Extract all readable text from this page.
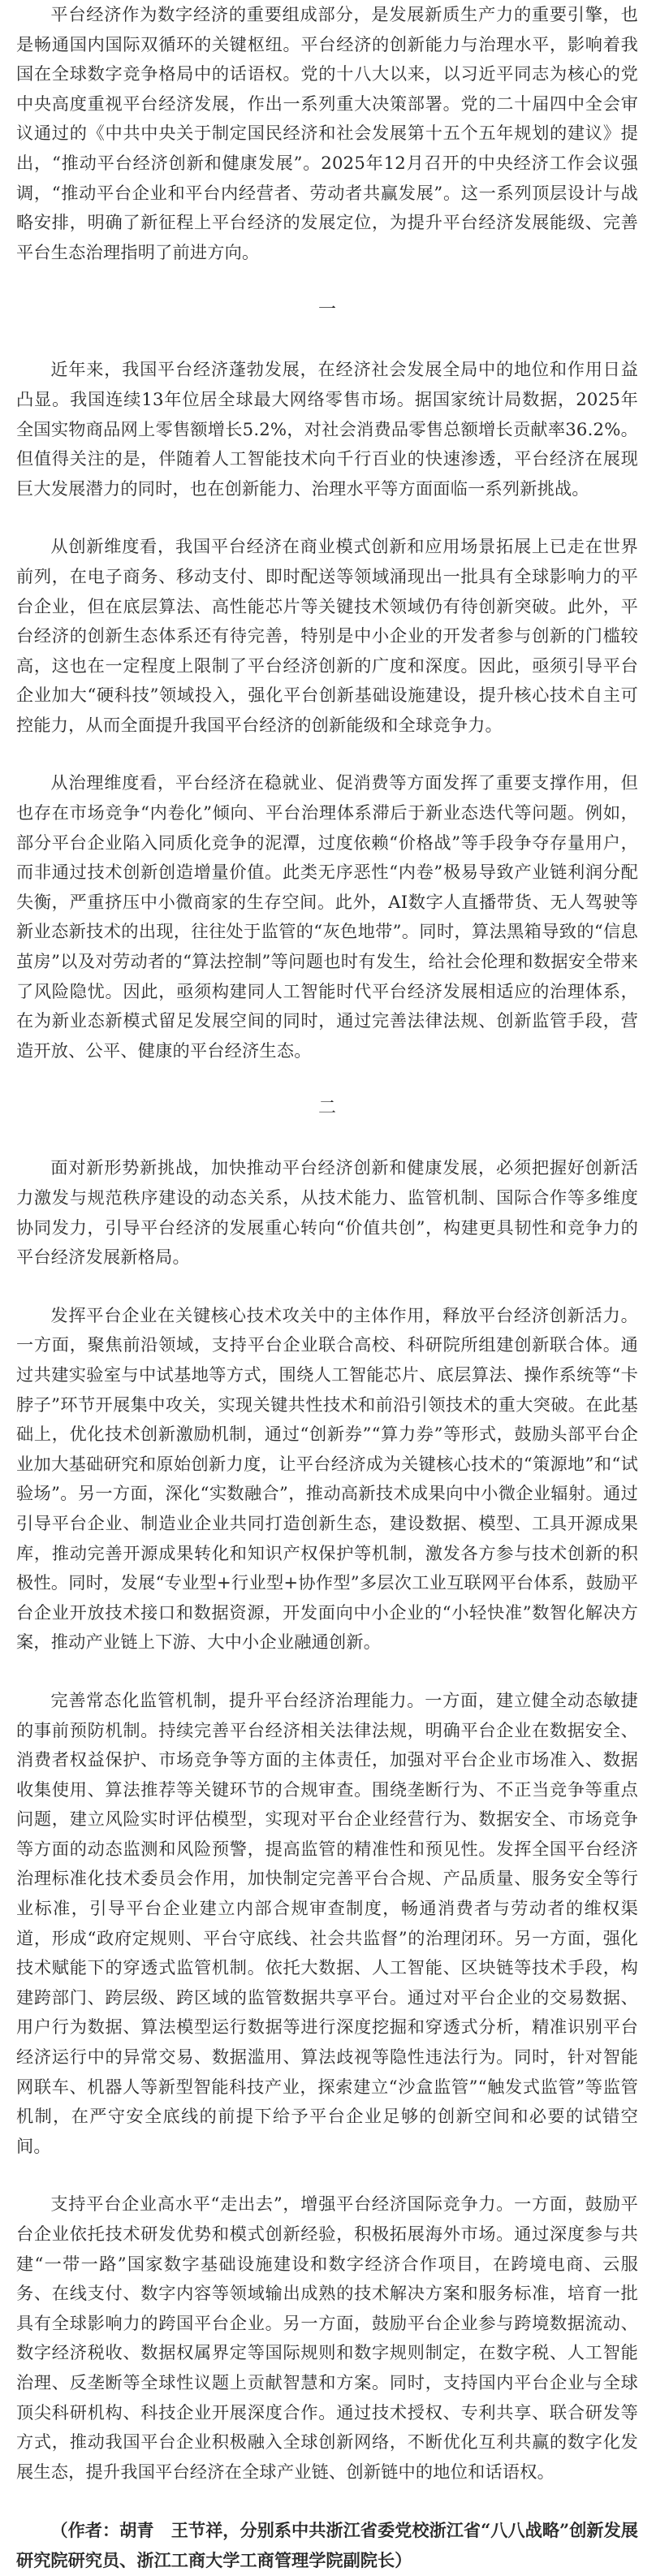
平台经济作为数字经济的重要组成部分，是发展新质生产力的重要引擎，也是畅通国内国际双循环的关键枢纽。平台经济的创新能力与治理水平，影响着我国在全球数字竞争格局中的话语权。党的十八大以来，以习近平同志为核心的党中央高度重视平台经济发展，作出一系列重大决策部署。党的二十届四中全会审议通过的《中共中央关于制定国民经济和社会发展第十五个五年规划的建议》提出，“推动平台经济创新和健康发展”。2025年12月召开的中央经济工作会议强调，“推动平台企业和平台内经营者、劳动者共赢发展”。这一系列顶层设计与战略安排，明确了新征程上平台经济的发展定位，为提升平台经济发展能级、完善平台生态治理指明了前进方向。

一

近年来，我国平台经济蓬勃发展，在经济社会发展全局中的地位和作用日益凸显。我国连续13年位居全球最大网络零售市场。据国家统计局数据，2025年全国实物商品网上零售额增长5.2%，对社会消费品零售总额增长贡献率36.2%。但值得关注的是，伴随着人工智能技术向千行百业的快速渗透，平台经济在展现巨大发展潜力的同时，也在创新能力、治理水平等方面面临一系列新挑战。

从创新维度看，我国平台经济在商业模式创新和应用场景拓展上已走在世界前列，在电子商务、移动支付、即时配送等领域涌现出一批具有全球影响力的平台企业，但在底层算法、高性能芯片等关键技术领域仍有待创新突破。此外，平台经济的创新生态体系还有待完善，特别是中小企业的开发者参与创新的门槛较高，这也在一定程度上限制了平台经济创新的广度和深度。因此，亟须引导平台企业加大“硬科技”领域投入，强化平台创新基础设施建设，提升核心技术自主可控能力，从而全面提升我国平台经济的创新能级和全球竞争力。

从治理维度看，平台经济在稳就业、促消费等方面发挥了重要支撑作用，但也存在市场竞争“内卷化”倾向、平台治理体系滞后于新业态迭代等问题。例如，部分平台企业陷入同质化竞争的泥潭，过度依赖“价格战”等手段争夺存量用户，而非通过技术创新创造增量价值。此类无序恶性“内卷”极易导致产业链利润分配失衡，严重挤压中小微商家的生存空间。此外，AI数字人直播带货、无人驾驶等新业态新技术的出现，往往处于监管的“灰色地带”。同时，算法黑箱导致的“信息茧房”以及对劳动者的“算法控制”等问题也时有发生，给社会伦理和数据安全带来了风险隐忧。因此，亟须构建同人工智能时代平台经济发展相适应的治理体系，在为新业态新模式留足发展空间的同时，通过完善法律法规、创新监管手段，营造开放、公平、健康的平台经济生态。

二

面对新形势新挑战，加快推动平台经济创新和健康发展，必须把握好创新活力激发与规范秩序建设的动态关系，从技术能力、监管机制、国际合作等多维度协同发力，引导平台经济的发展重心转向“价值共创”，构建更具韧性和竞争力的平台经济发展新格局。

发挥平台企业在关键核心技术攻关中的主体作用，释放平台经济创新活力。一方面，聚焦前沿领域，支持平台企业联合高校、科研院所组建创新联合体。通过共建实验室与中试基地等方式，围绕人工智能芯片、底层算法、操作系统等“卡脖子”环节开展集中攻关，实现关键共性技术和前沿引领技术的重大突破。在此基础上，优化技术创新激励机制，通过“创新券”“算力券”等形式，鼓励头部平台企业加大基础研究和原始创新力度，让平台经济成为关键核心技术的“策源地”和“试验场”。另一方面，深化“实数融合”，推动高新技术成果向中小微企业辐射。通过引导平台企业、制造业企业共同打造创新生态，建设数据、模型、工具开源成果库，推动完善开源成果转化和知识产权保护等机制，激发各方参与技术创新的积极性。同时，发展“专业型+行业型+协作型”多层次工业互联网平台体系，鼓励平台企业开放技术接口和数据资源，开发面向中小企业的“小轻快准”数智化解决方案，推动产业链上下游、大中小企业融通创新。

完善常态化监管机制，提升平台经济治理能力。一方面，建立健全动态敏捷的事前预防机制。持续完善平台经济相关法律法规，明确平台企业在数据安全、消费者权益保护、市场竞争等方面的主体责任，加强对平台企业市场准入、数据收集使用、算法推荐等关键环节的合规审查。围绕垄断行为、不正当竞争等重点问题，建立风险实时评估模型，实现对平台企业经营行为、数据安全、市场竞争等方面的动态监测和风险预警，提高监管的精准性和预见性。发挥全国平台经济治理标准化技术委员会作用，加快制定完善平台合规、产品质量、服务安全等行业标准，引导平台企业建立内部合规审查制度，畅通消费者与劳动者的维权渠道，形成“政府定规则、平台守底线、社会共监督”的治理闭环。另一方面，强化技术赋能下的穿透式监管机制。依托大数据、人工智能、区块链等技术手段，构建跨部门、跨层级、跨区域的监管数据共享平台。通过对平台企业的交易数据、用户行为数据、算法模型运行数据等进行深度挖掘和穿透式分析，精准识别平台经济运行中的异常交易、数据滥用、算法歧视等隐性违法行为。同时，针对智能网联车、机器人等新型智能科技产业，探索建立“沙盒监管”“触发式监管”等监管机制，在严守安全底线的前提下给予平台企业足够的创新空间和必要的试错空间。

支持平台企业高水平“走出去”，增强平台经济国际竞争力。一方面，鼓励平台企业依托技术研发优势和模式创新经验，积极拓展海外市场。通过深度参与共建“一带一路”国家数字基础设施建设和数字经济合作项目，在跨境电商、云服务、在线支付、数字内容等领域输出成熟的技术解决方案和服务标准，培育一批具有全球影响力的跨国平台企业。另一方面，鼓励平台企业参与跨境数据流动、数字经济税收、数据权属界定等国际规则和数字规则制定，在数字税、人工智能治理、反垄断等全球性议题上贡献智慧和方案。同时，支持国内平台企业与全球顶尖科研机构、科技企业开展深度合作。通过技术授权、专利共享、联合研发等方式，推动我国平台企业积极融入全球创新网络，不断优化互利共赢的数字化发展生态，提升我国平台经济在全球产业链、创新链中的地位和话语权。

（作者：胡青　王节祥，分别系中共浙江省委党校浙江省“八八战略”创新发展研究院研究员、浙江工商大学工商管理学院副院长）
